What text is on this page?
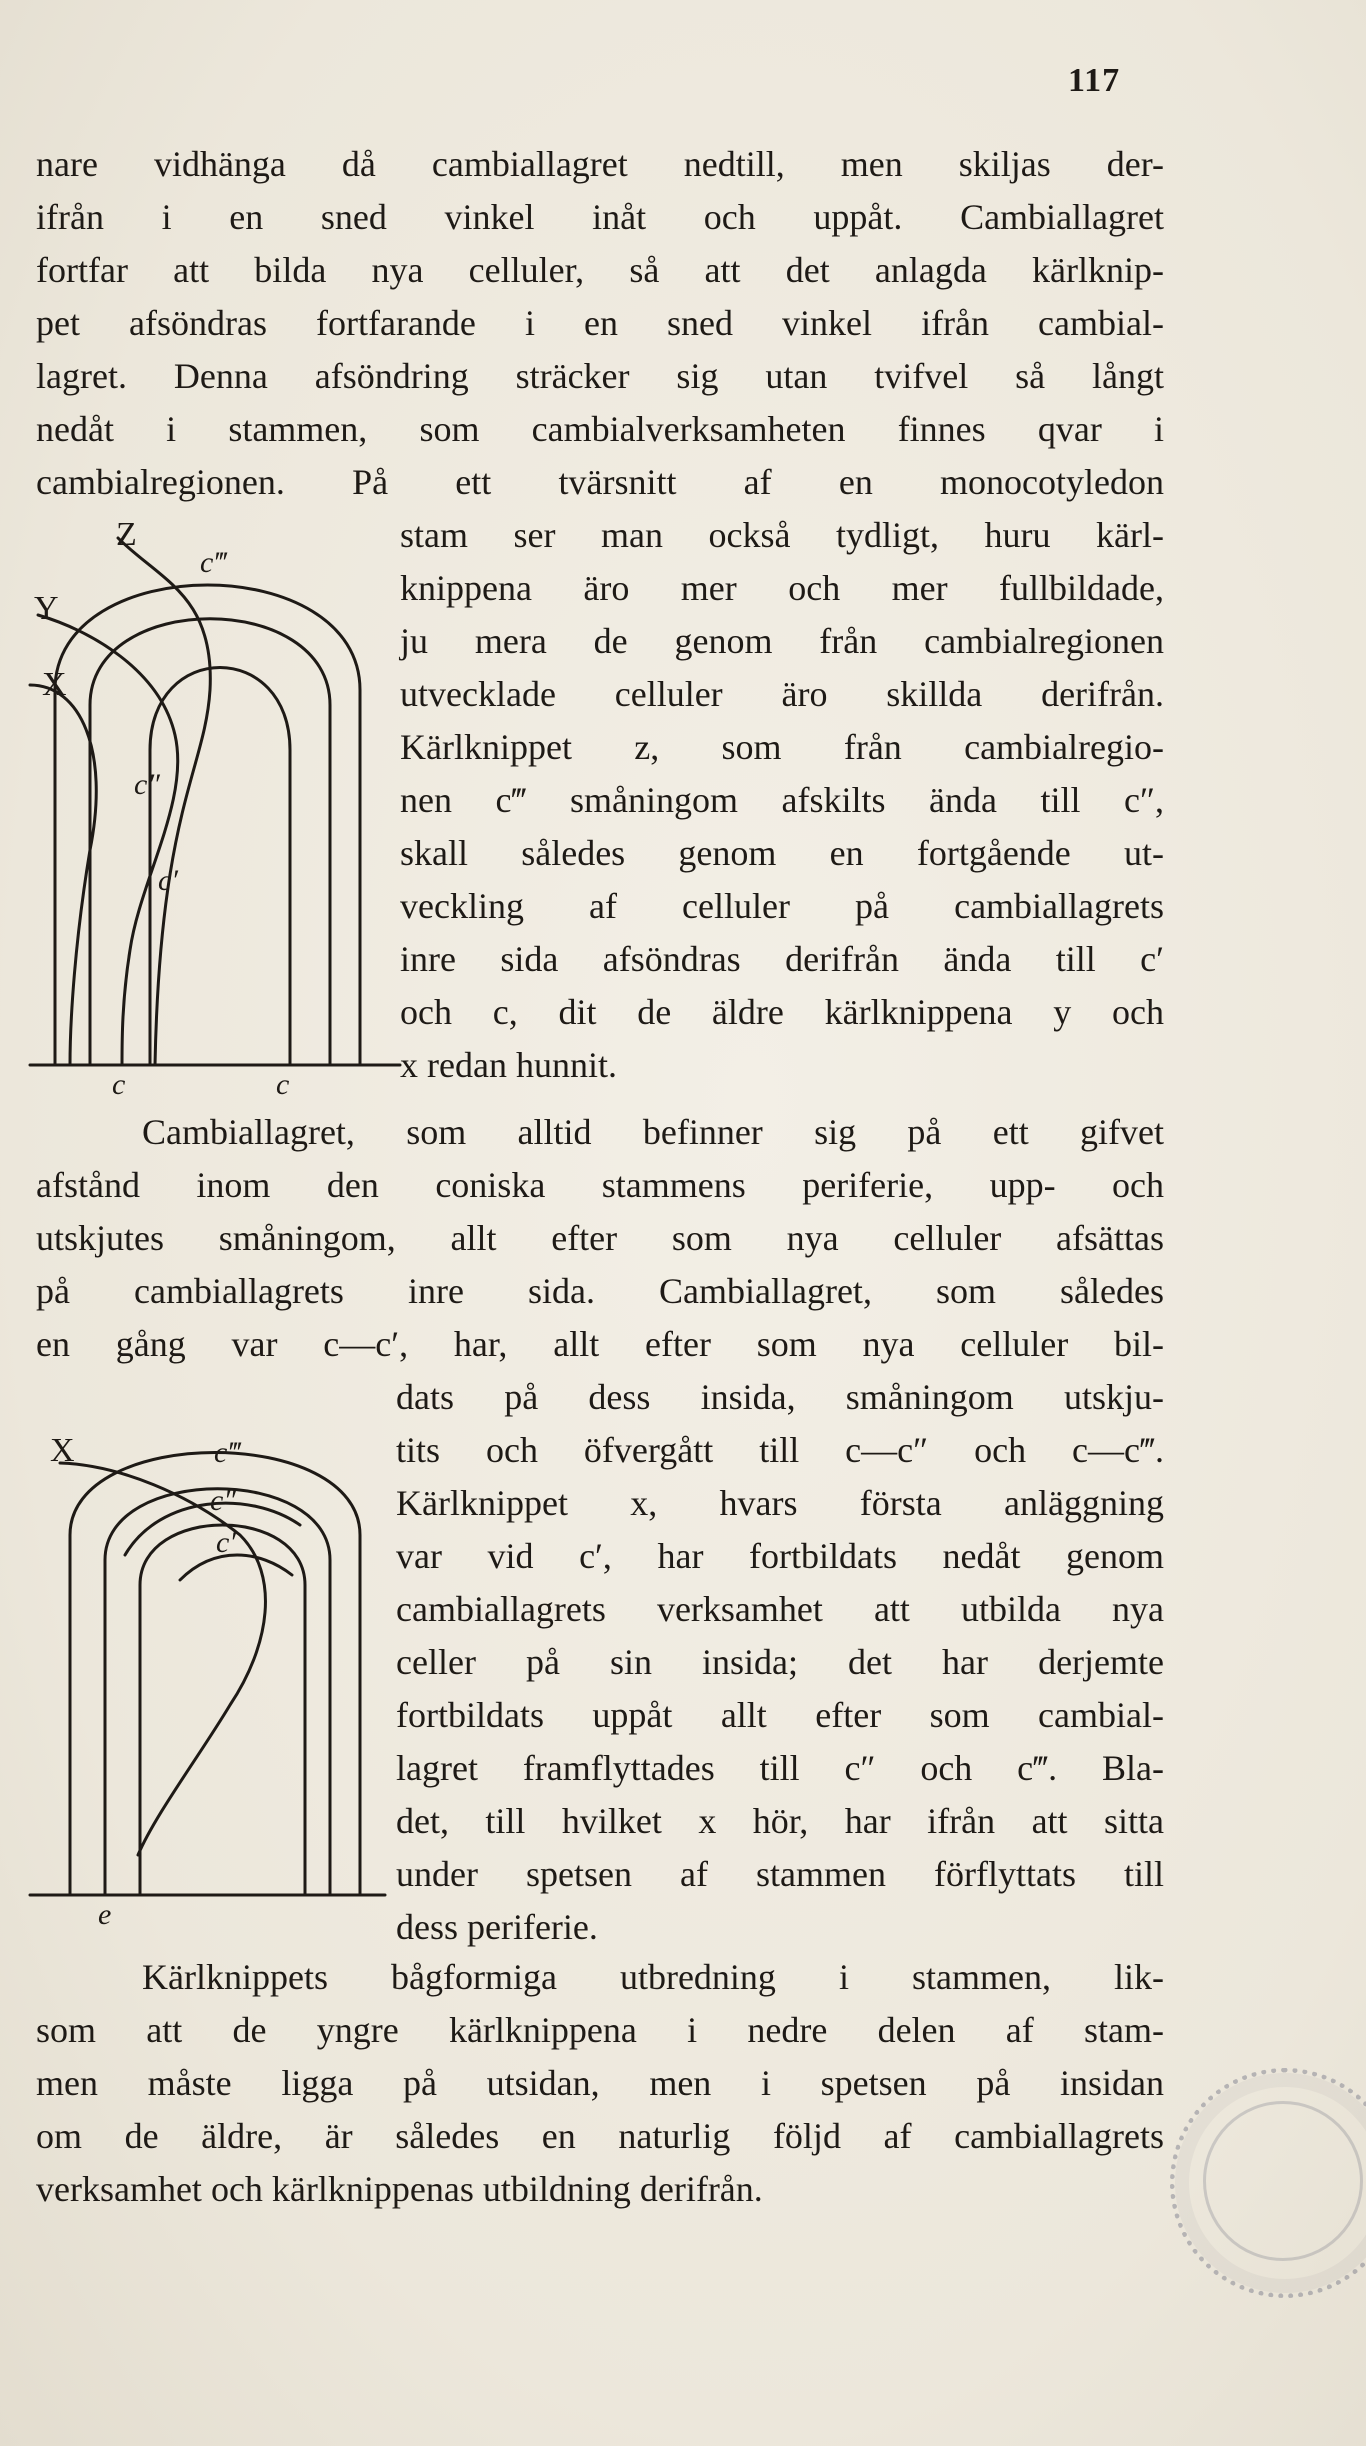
117

nare vidhänga då cambiallagret nedtill, men skiljas der-

ifrån i en sned vinkel inåt och uppåt. Cambiallagret

fortfar att bilda nya celluler, så att det anlagda kärlknip-

pet afsöndras fortfarande i en sned vinkel ifrån cambial-

lagret. Denna afsöndring sträcker sig utan tvifvel så långt

nedåt i stammen, som cambialverksamheten finnes qvar i

cambialregionen. På ett tvärsnitt af en monocotyledon

stam ser man också tydligt, huru kärl-

knippena äro mer och mer fullbildade,

ju mera de genom från cambialregionen

utvecklade celluler äro skillda derifrån.

Kärlknippet z, som från cambialregio-

nen c‴ småningom afskilts ända till c″,

skall således genom en fortgående ut-

veckling af celluler på cambiallagrets

inre sida afsöndras derifrån ända till c′

och c, dit de äldre kärlknippena y och

x redan hunnit.

Z
Y
X
c‴
c″
c′
c	c

Cambiallagret, som alltid befinner sig på ett gifvet

afstånd inom den coniska stammens periferie, upp- och

utskjutes småningom, allt efter som nya celluler afsättas

på cambiallagrets inre sida. Cambiallagret, som således

en gång var c—c′, har, allt efter som nya celluler bil-

dats på dess insida, småningom utskju-

tits och öfvergått till c—c″ och c—c‴.

Kärlknippet x, hvars första anläggning

var vid c′, har fortbildats nedåt genom

cambiallagrets verksamhet att utbilda nya

celler på sin insida; det har derjemte

fortbildats uppåt allt efter som cambial-

lagret framflyttades till c″ och c‴. Bla-

det, till hvilket x hör, har ifrån att sitta

under spetsen af stammen förflyttats till

dess periferie.

X	c‴
c″
c′
e

Kärlknippets bågformiga utbredning i stammen, lik-

som att de yngre kärlknippena i nedre delen af stam-

men måste ligga på utsidan, men i spetsen på insidan

om de äldre, är således en naturlig följd af cambiallagrets

verksamhet och kärlknippenas utbildning derifrån.
